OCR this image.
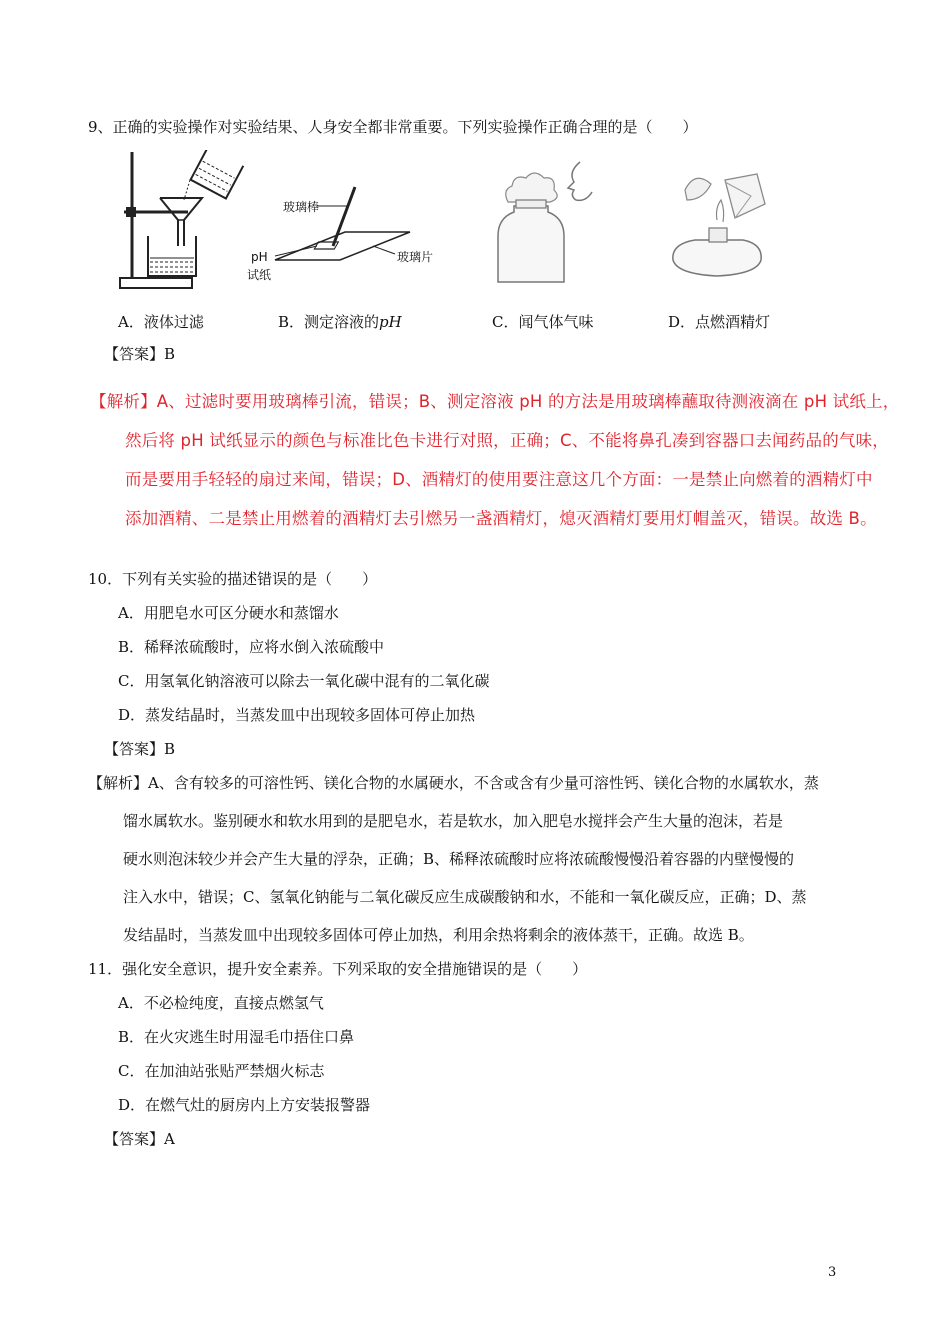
9、正确的实验操作对实验结果、人身安全都非常重要。下列实验操作正确合理的是（　　）
玻璃棒
玻璃片
pH
试纸
A．液体过滤	B．测定溶液的pH	C．闻气体气味	D．点燃酒精灯
【答案】B
【解析】A、过滤时要用玻璃棒引流，错误；B、测定溶液 pH 的方法是用玻璃棒蘸取待测液滴在 pH 试纸上，
然后将 pH 试纸显示的颜色与标准比色卡进行对照，正确；C、不能将鼻孔凑到容器口去闻药品的气味，
而是要用手轻轻的扇过来闻，错误；D、酒精灯的使用要注意这几个方面：一是禁止向燃着的酒精灯中
添加酒精、二是禁止用燃着的酒精灯去引燃另一盏酒精灯，熄灭酒精灯要用灯帽盖灭，错误。故选 B。
10．下列有关实验的描述错误的是（　　）
A．用肥皂水可区分硬水和蒸馏水
B．稀释浓硫酸时，应将水倒入浓硫酸中
C．用氢氧化钠溶液可以除去一氧化碳中混有的二氧化碳
D．蒸发结晶时，当蒸发皿中出现较多固体可停止加热
【答案】B
【解析】A、含有较多的可溶性钙、镁化合物的水属硬水，不含或含有少量可溶性钙、镁化合物的水属软水，蒸
馏水属软水。鉴别硬水和软水用到的是肥皂水，若是软水，加入肥皂水搅拌会产生大量的泡沫，若是
硬水则泡沫较少并会产生大量的浮杂，正确；B、稀释浓硫酸时应将浓硫酸慢慢沿着容器的内壁慢慢的
注入水中，错误；C、氢氧化钠能与二氧化碳反应生成碳酸钠和水，不能和一氧化碳反应，正确；D、蒸
发结晶时，当蒸发皿中出现较多固体可停止加热，利用余热将剩余的液体蒸干，正确。故选 B。
11．强化安全意识，提升安全素养。下列采取的安全措施错误的是（　　）
A．不必检纯度，直接点燃氢气
B．在火灾逃生时用湿毛巾捂住口鼻
C．在加油站张贴严禁烟火标志
D．在燃气灶的厨房内上方安装报警器
【答案】A
3
